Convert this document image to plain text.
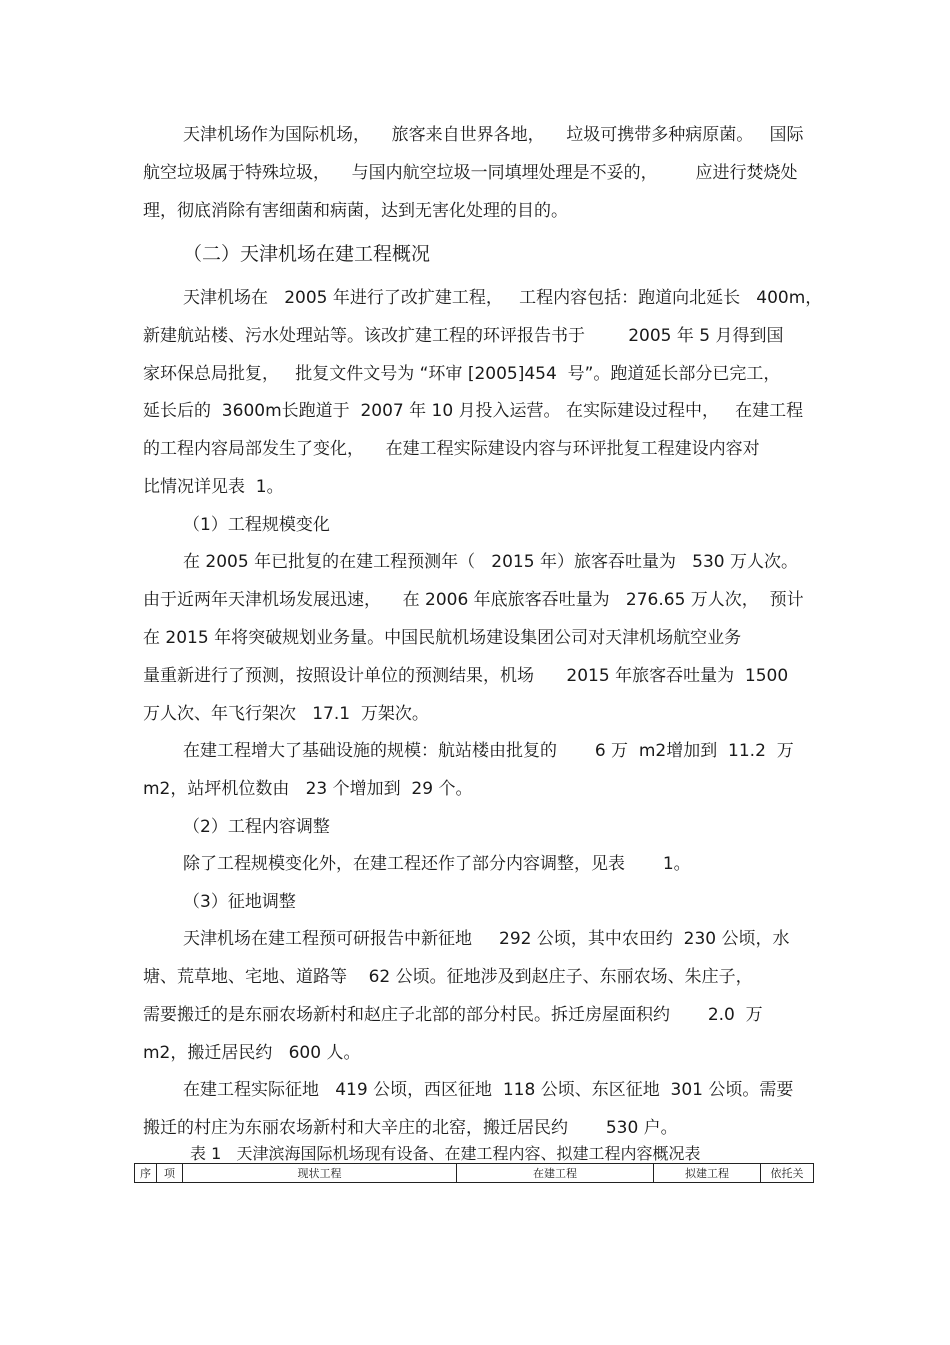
天津机场作为国际机场，    旅客来自世界各地，    垃圾可携带多种病原菌。   国际

航空垃圾属于特殊垃圾，    与国内航空垃圾一同填埋处理是不妥的，       应进行焚烧处

理，彻底消除有害细菌和病菌，达到无害化处理的目的。

（二）天津机场在建工程概况

天津机场在   2005 年进行了改扩建工程，   工程内容包括：跑道向北延长   400m，

新建航站楼、污水处理站等。该改扩建工程的环评报告书于        2005 年 5 月得到国

家环保总局批复，   批复文件文号为 “环审 [2005]454  号”。跑道延长部分已完工，

延长后的  3600m长跑道于  2007 年 10 月投入运营。 在实际建设过程中，   在建工程

的工程内容局部发生了变化，    在建工程实际建设内容与环评批复工程建设内容对

比情况详见表  1。

（1）工程规模变化

在 2005 年已批复的在建工程预测年（   2015 年）旅客吞吐量为   530 万人次。

由于近两年天津机场发展迅速，    在 2006 年底旅客吞吐量为   276.65 万人次，  预计

在 2015 年将突破规划业务量。中国民航机场建设集团公司对天津机场航空业务

量重新进行了预测，按照设计单位的预测结果，机场      2015 年旅客吞吐量为  1500

万人次、年飞行架次   17.1  万架次。

在建工程增大了基础设施的规模：航站楼由批复的       6 万  m2增加到  11.2  万

m2，站坪机位数由   23 个增加到  29 个。

（2）工程内容调整

除了工程规模变化外，在建工程还作了部分内容调整，见表       1。

（3）征地调整

天津机场在建工程预可研报告中新征地     292 公顷，其中农田约  230 公顷，水

塘、荒草地、宅地、道路等    62 公顷。征地涉及到赵庄子、东丽农场、朱庄子，

需要搬迁的是东丽农场新村和赵庄子北部的部分村民。拆迁房屋面积约       2.0  万

m2，搬迁居民约   600 人。

在建工程实际征地   419 公顷，西区征地  118 公顷、东区征地  301 公顷。需要

搬迁的村庄为东丽农场新村和大辛庄的北窑，搬迁居民约       530 户。

表 1   天津滨海国际机场现有设备、在建工程内容、拟建工程内容概况表

序	项	现状工程	在建工程	拟建工程	依托关
